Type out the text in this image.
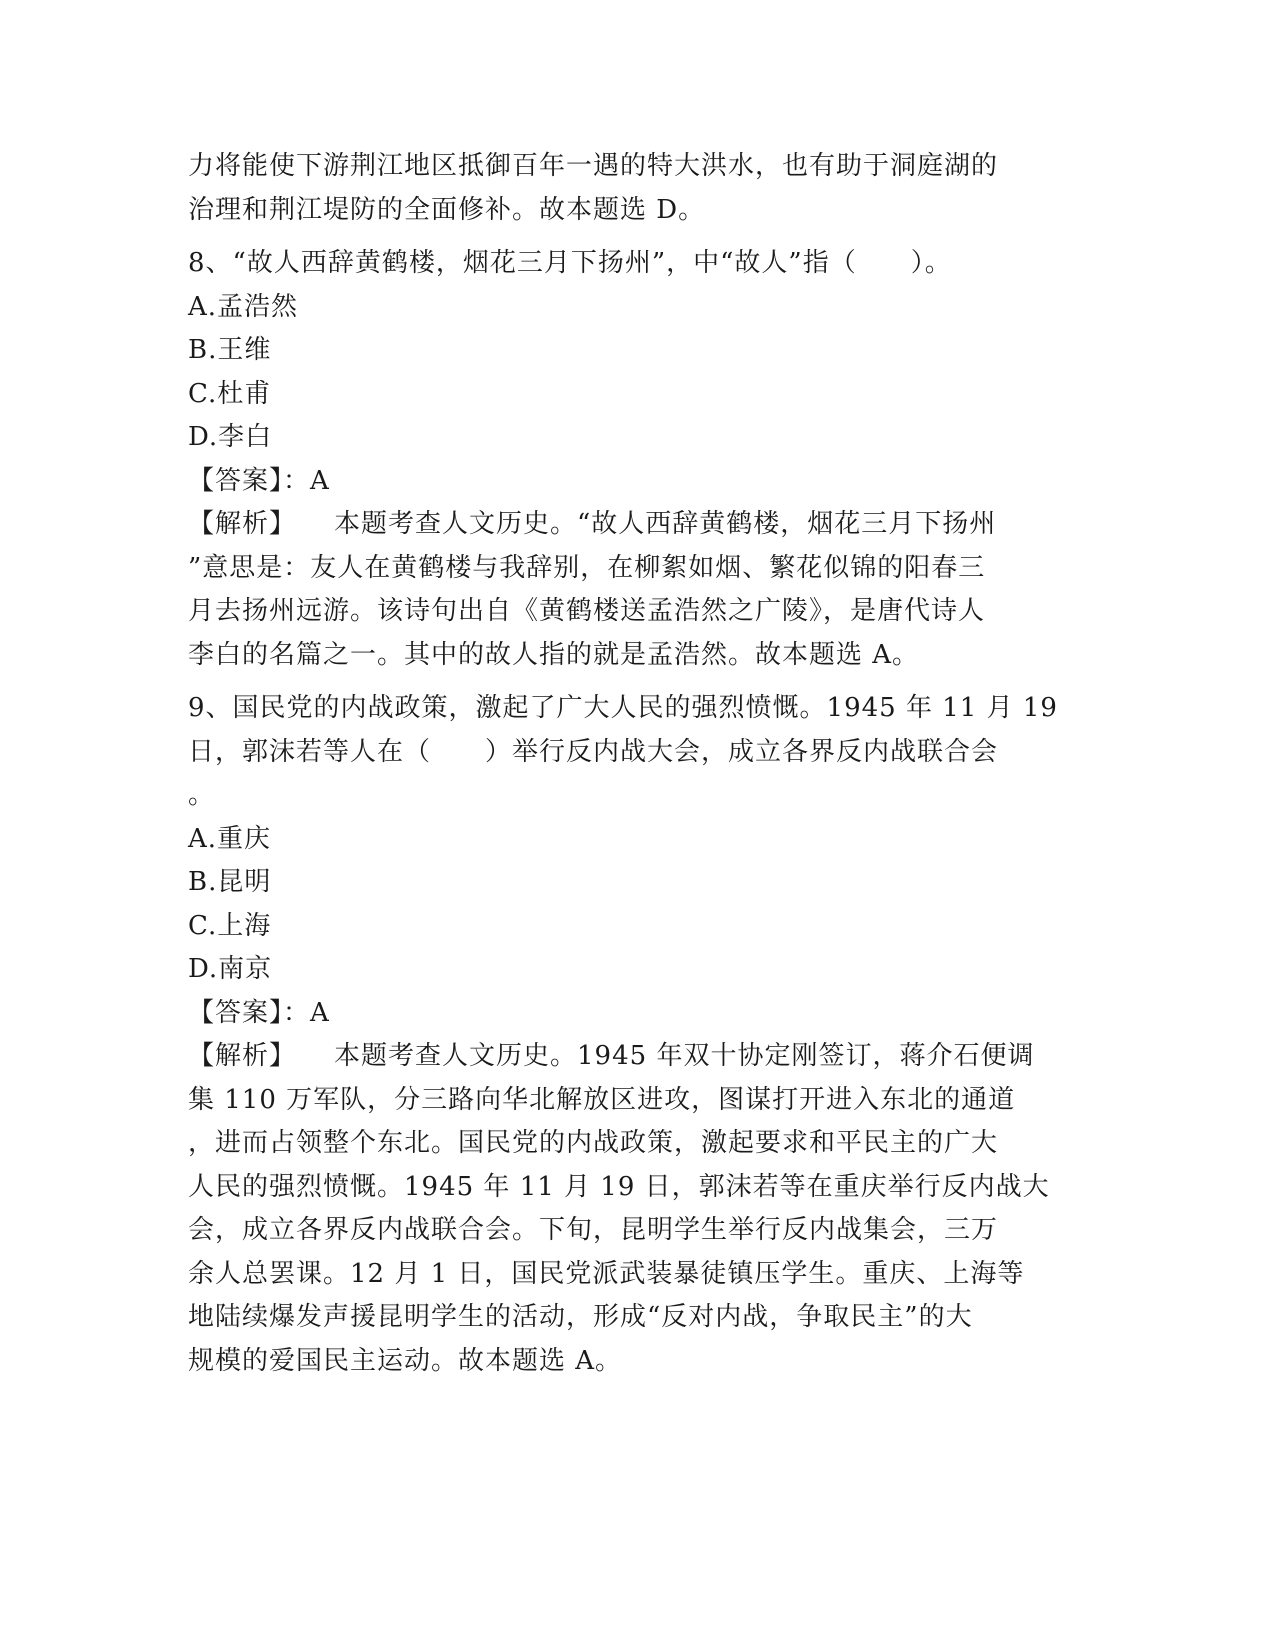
力将能使下游荆江地区抵御百年一遇的特大洪水，也有助于洞庭湖的
治理和荆江堤防的全面修补。故本题选 D。
8、“故人西辞黄鹤楼，烟花三月下扬州”，中“故人”指（　　）。
A.孟浩然
B.王维
C.杜甫
D.李白
【答案】：A
【解析】 本题考查人文历史。“故人西辞黄鹤楼，烟花三月下扬州
”意思是：友人在黄鹤楼与我辞别，在柳絮如烟、繁花似锦的阳春三
月去扬州远游。该诗句出自《黄鹤楼送孟浩然之广陵》，是唐代诗人
李白的名篇之一。其中的故人指的就是孟浩然。故本题选 A。
9、国民党的内战政策，激起了广大人民的强烈愤慨。1945 年 11 月 19
日，郭沫若等人在（　　）举行反内战大会，成立各界反内战联合会
。
A.重庆
B.昆明
C.上海
D.南京
【答案】：A
【解析】 本题考查人文历史。1945 年双十协定刚签订，蒋介石便调
集 110 万军队，分三路向华北解放区进攻，图谋打开进入东北的通道
，进而占领整个东北。国民党的内战政策，激起要求和平民主的广大
人民的强烈愤慨。1945 年 11 月 19 日，郭沫若等在重庆举行反内战大
会，成立各界反内战联合会。下旬，昆明学生举行反内战集会，三万
余人总罢课。12 月 1 日，国民党派武装暴徒镇压学生。重庆、上海等
地陆续爆发声援昆明学生的活动，形成“反对内战，争取民主”的大
规模的爱国民主运动。故本题选 A。
